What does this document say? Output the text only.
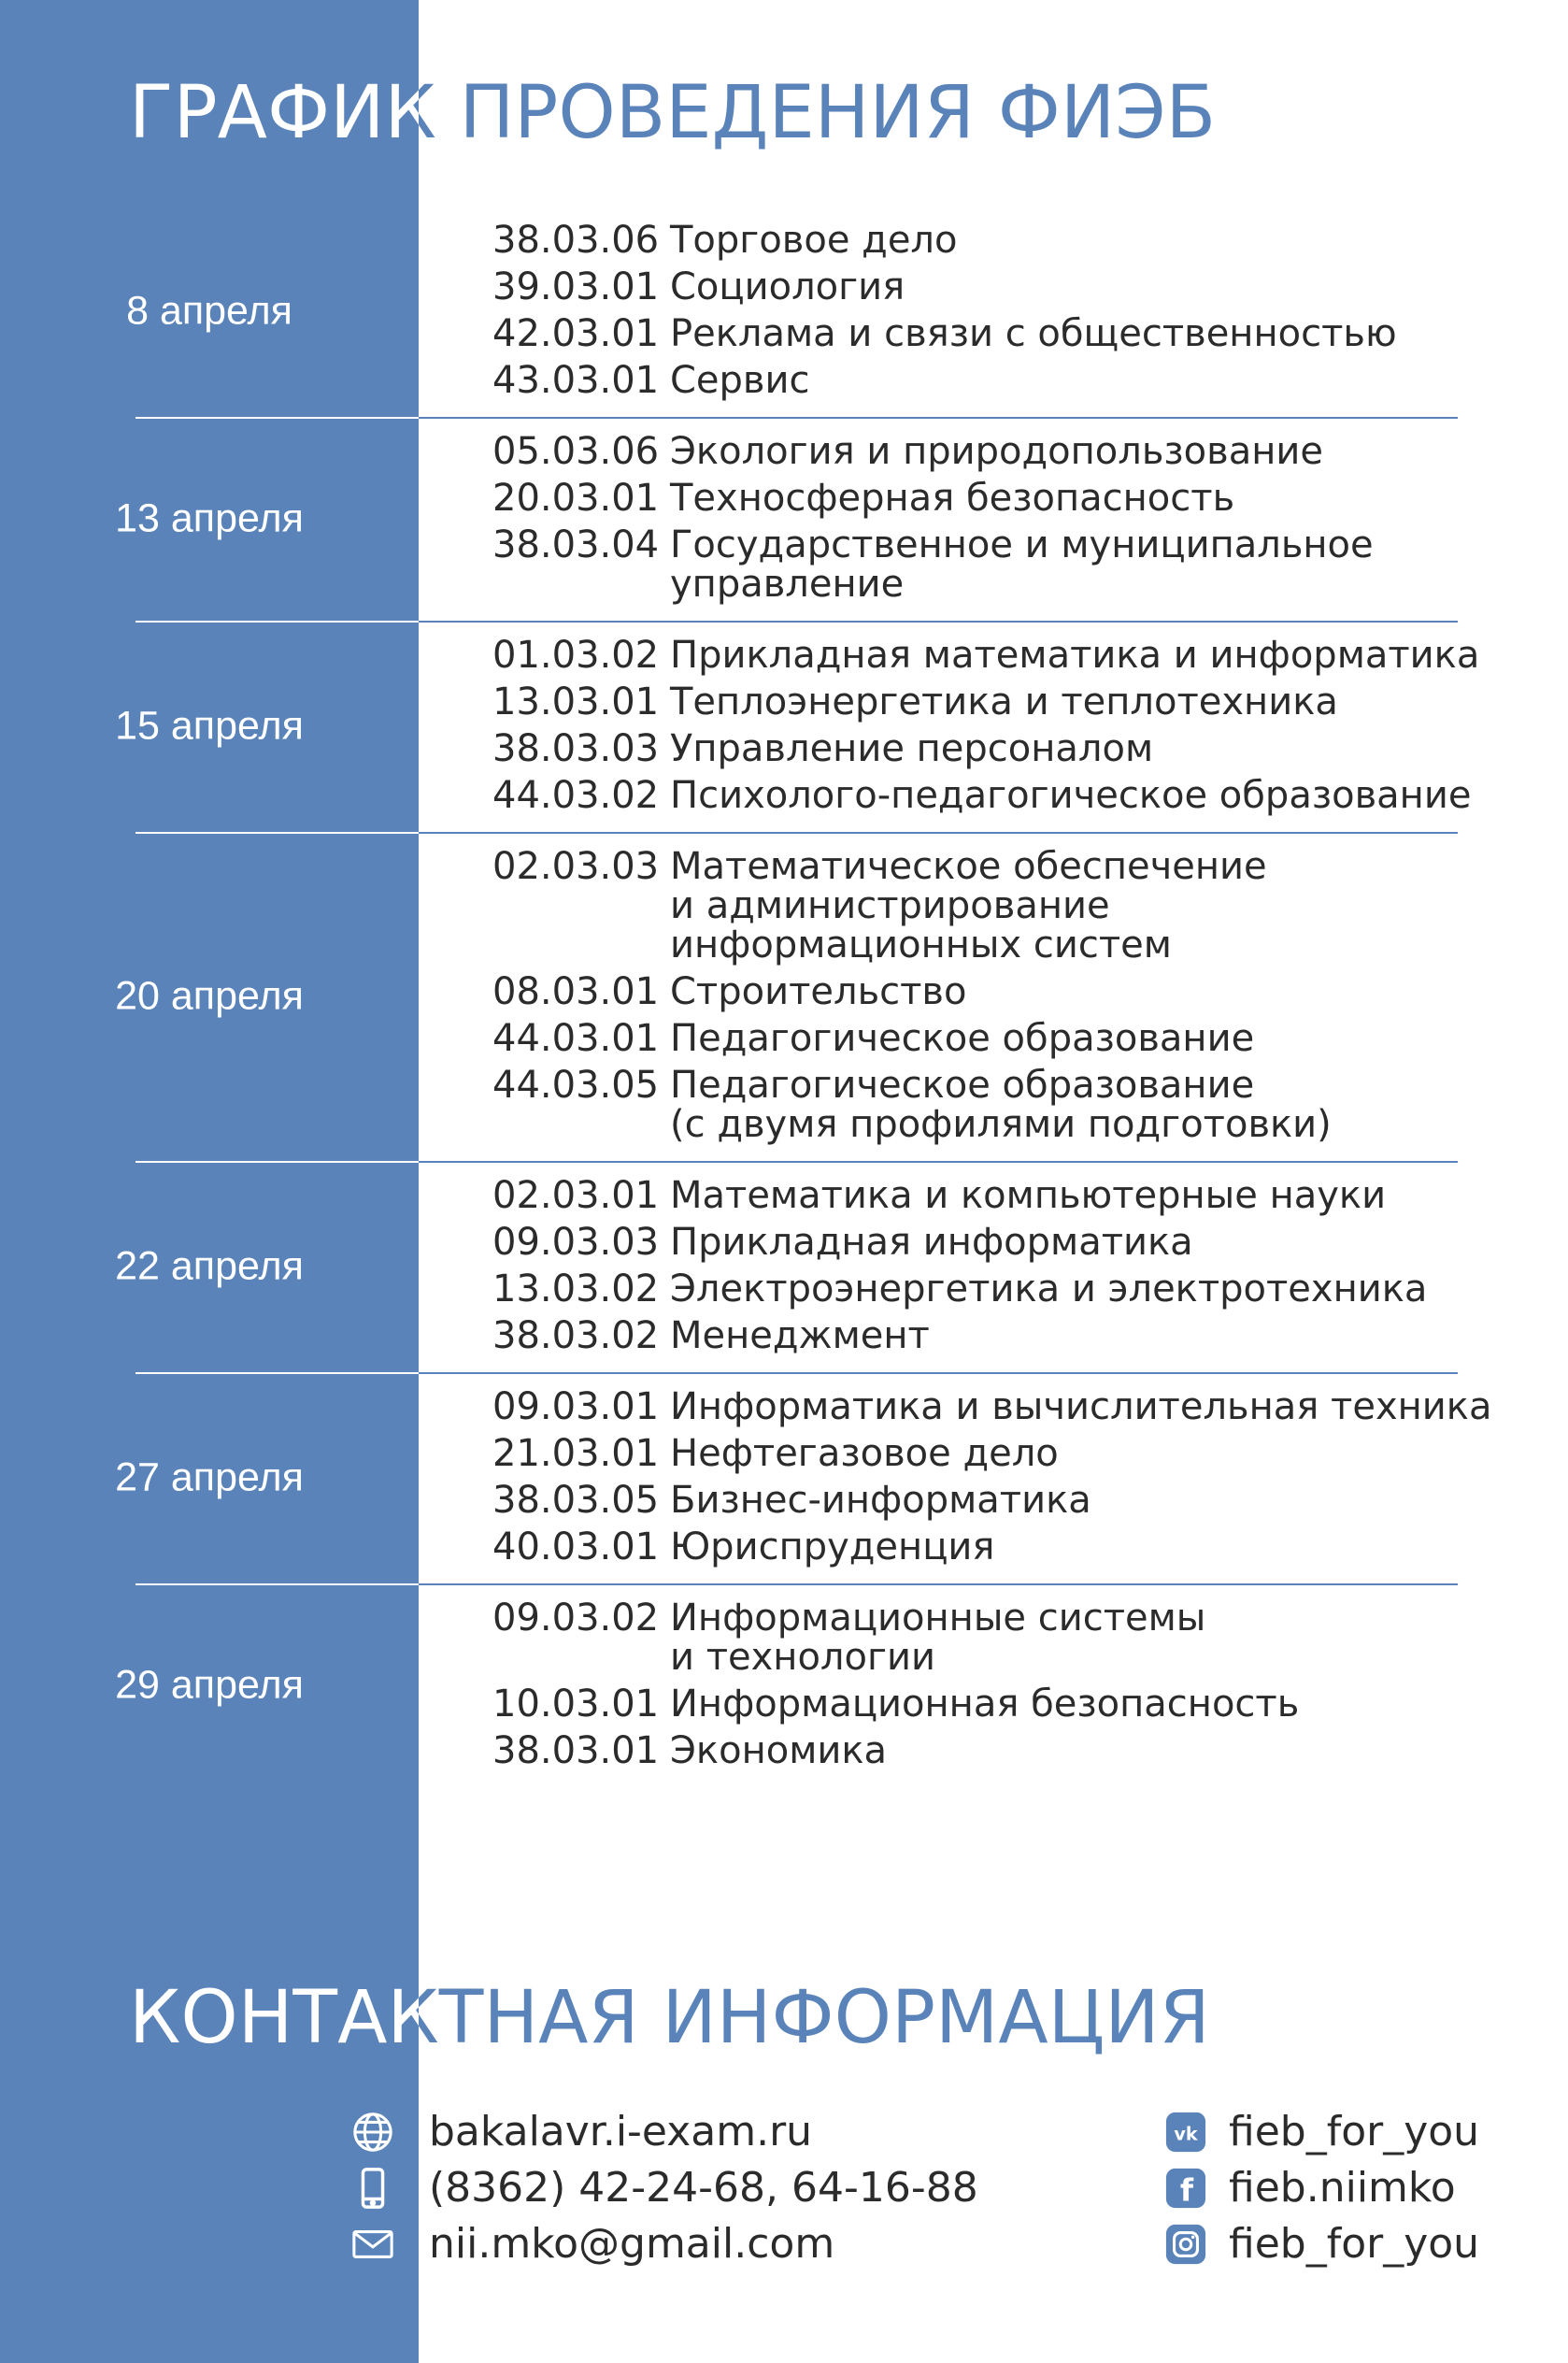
ГРАФИК ПРОВЕДЕНИЯ ФИЭБ
8 апреля
38.03.06 Торговое дело
39.03.01 Социология
42.03.01 Реклама и связи с общественностью
43.03.01 Сервис
13 апреля
05.03.06 Экология и природопользование
20.03.01 Техносферная безопасность
38.03.04 Государственное и муниципальное
управление
15 апреля
01.03.02 Прикладная математика и информатика
13.03.01 Теплоэнергетика и теплотехника
38.03.03 Управление персоналом
44.03.02 Психолого-педагогическое образование
20 апреля
02.03.03 Математическое обеспечение
и администрирование
информационных систем
08.03.01 Строительство
44.03.01 Педагогическое образование
44.03.05 Педагогическое образование
(с двумя профилями подготовки)
22 апреля
02.03.01 Математика и компьютерные науки
09.03.03 Прикладная информатика
13.03.02 Электроэнергетика и электротехника
38.03.02 Менеджмент
27 апреля
09.03.01 Информатика и вычислительная техника
21.03.01 Нефтегазовое дело
38.03.05 Бизнес-информатика
40.03.01 Юриспруденция
29 апреля
09.03.02 Информационные системы
и технологии
10.03.01 Информационная безопасность
38.03.01 Экономика
КОНТАКТНАЯ ИНФОРМАЦИЯ
bakalavr.i-exam.ru
(8362) 42-24-68, 64-16-88
nii.mko@gmail.com
vk fieb_for_you
f fieb.niimko
fieb_for_you
